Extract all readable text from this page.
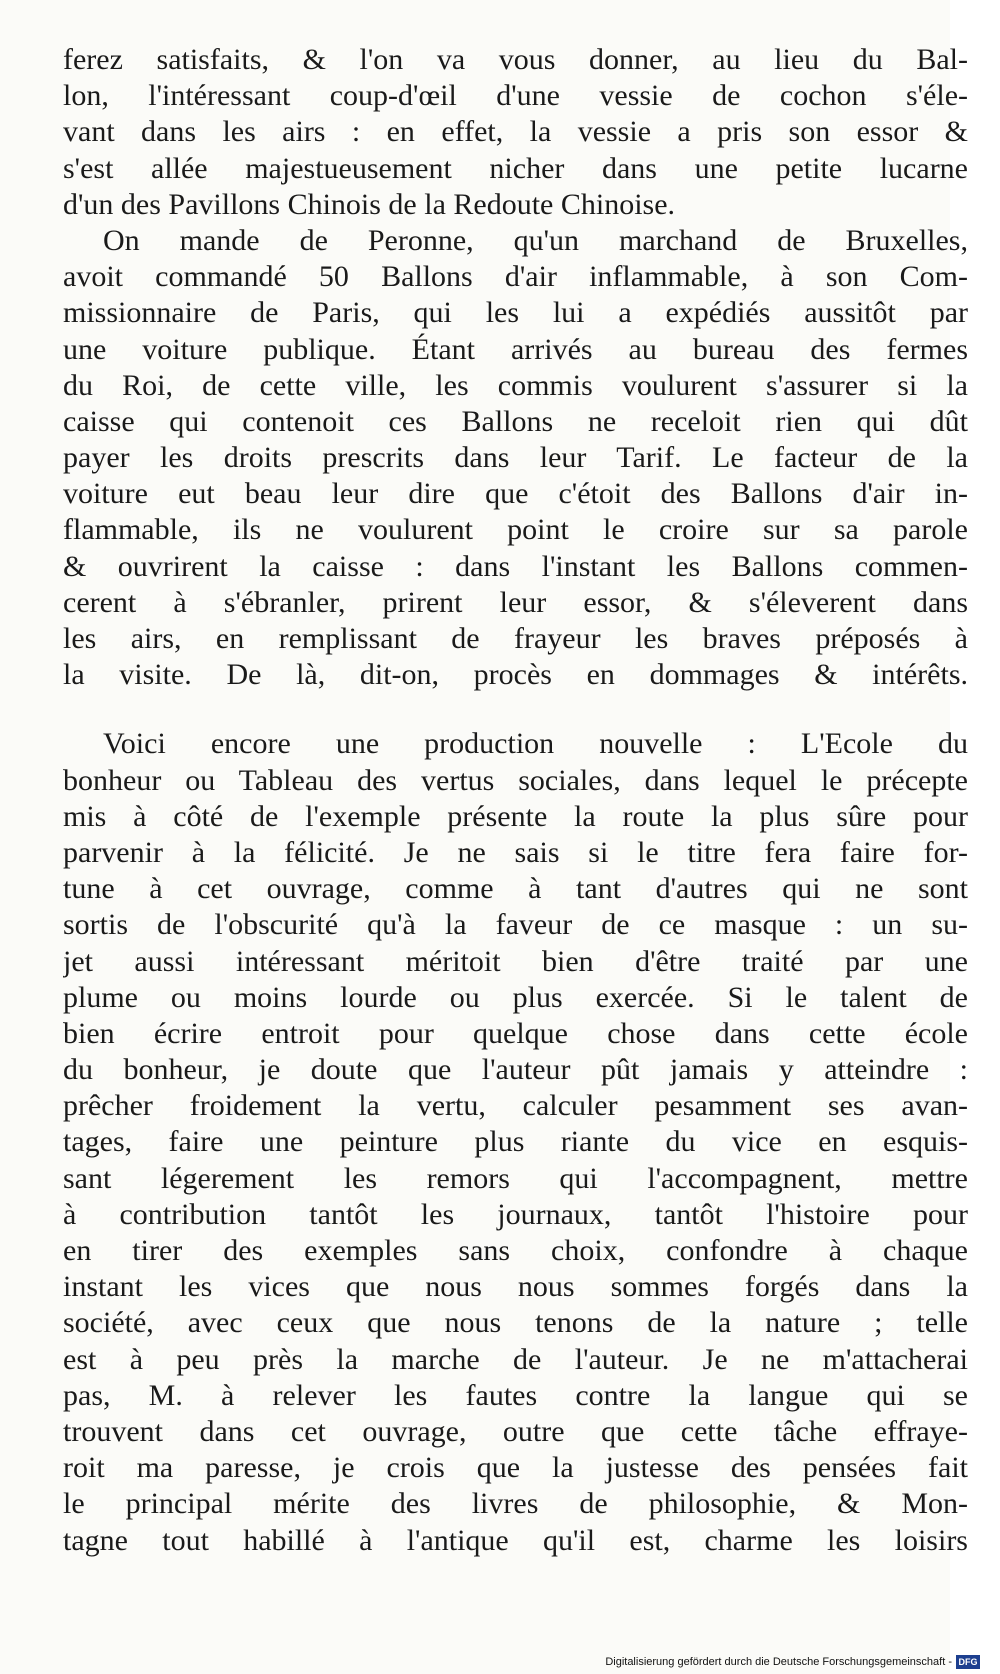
ferez satisfaits, & l'on va vous donner, au lieu du Bal-
lon, l'intéressant coup-d'œil d'une vessie de cochon s'éle-
vant dans les airs : en effet, la vessie a pris son essor &
s'est allée majestueusement nicher dans une petite lucarne
d'un des Pavillons Chinois de la Redoute Chinoise.
On mande de Peronne, qu'un marchand de Bruxelles,
avoit commandé 50 Ballons d'air inflammable, à son Com-
missionnaire de Paris, qui les lui a expédiés aussitôt par
une voiture publique. Étant arrivés au bureau des fermes
du Roi, de cette ville, les commis voulurent s'assurer si la
caisse qui contenoit ces Ballons ne receloit rien qui dût
payer les droits prescrits dans leur Tarif. Le facteur de la
voiture eut beau leur dire que c'étoit des Ballons d'air in-
flammable, ils ne voulurent point le croire sur sa parole
& ouvrirent la caisse : dans l'instant les Ballons commen-
cerent à s'ébranler, prirent leur essor, & s'éleverent dans
les airs, en remplissant de frayeur les braves préposés à
la visite. De là, dit-on, procès en dommages & intérêts.
Voici encore une production nouvelle : L'Ecole du
bonheur ou Tableau des vertus sociales, dans lequel le précepte
mis à côté de l'exemple présente la route la plus sûre pour
parvenir à la félicité. Je ne sais si le titre fera faire for-
tune à cet ouvrage, comme à tant d'autres qui ne sont
sortis de l'obscurité qu'à la faveur de ce masque : un su-
jet aussi intéressant méritoit bien d'être traité par une
plume ou moins lourde ou plus exercée. Si le talent de
bien écrire entroit pour quelque chose dans cette école
du bonheur, je doute que l'auteur pût jamais y atteindre :
prêcher froidement la vertu, calculer pesamment ses avan-
tages, faire une peinture plus riante du vice en esquis-
sant légerement les remors qui l'accompagnent, mettre
à contribution tantôt les journaux, tantôt l'histoire pour
en tirer des exemples sans choix, confondre à chaque
instant les vices que nous nous sommes forgés dans la
société, avec ceux que nous tenons de la nature ; telle
est à peu près la marche de l'auteur. Je ne m'attacherai
pas, M. à relever les fautes contre la langue qui se
trouvent dans cet ouvrage, outre que cette tâche effraye-
roit ma paresse, je crois que la justesse des pensées fait
le principal mérite des livres de philosophie, & Mon-
tagne tout habillé à l'antique qu'il est, charme les loisirs
Digitalisierung gefördert durch die Deutsche Forschungsgemeinschaft - DFG
